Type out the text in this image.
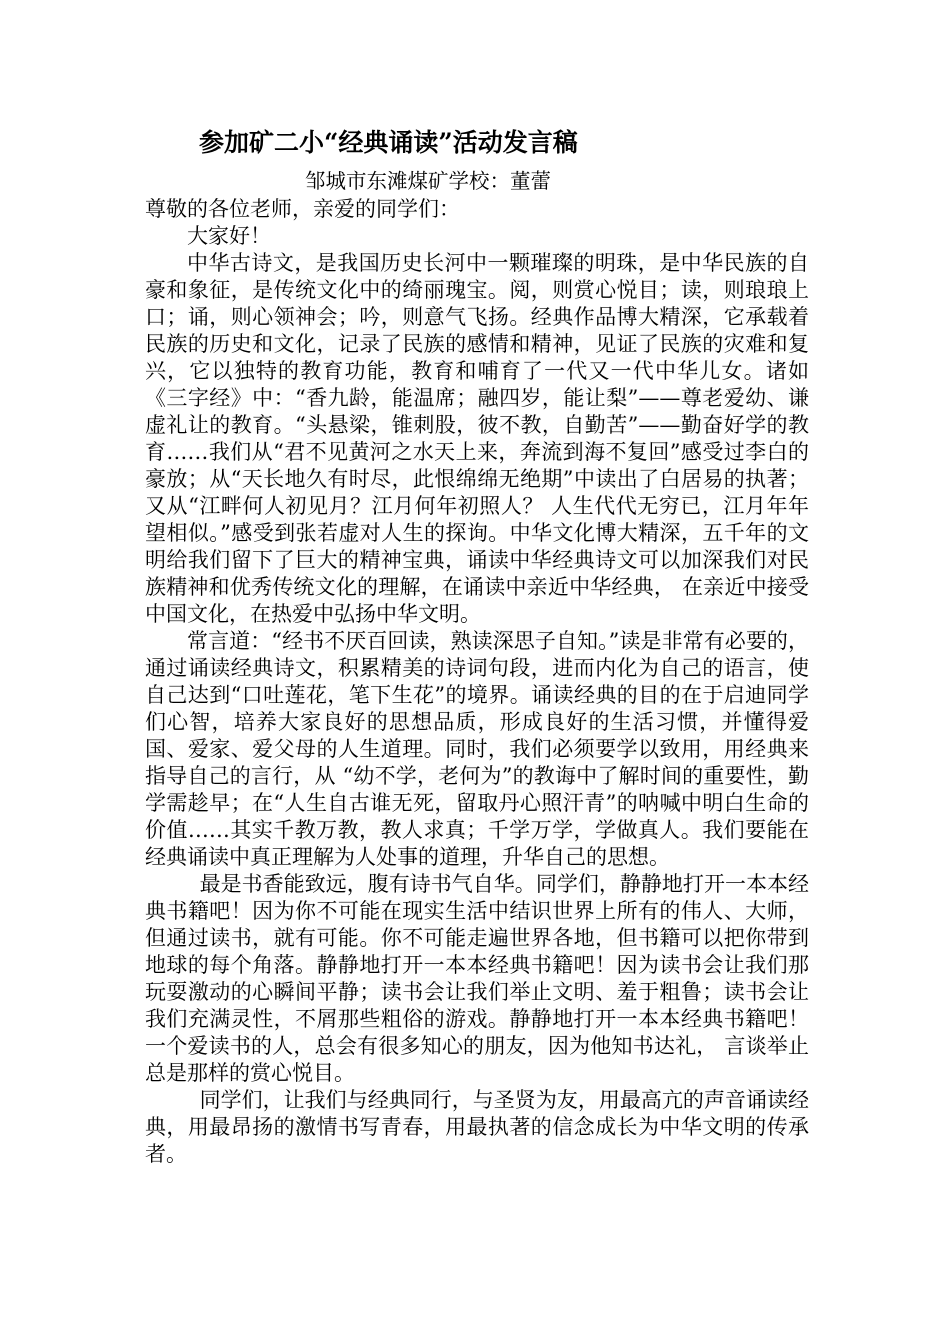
参加矿二小“经典诵读”活动发言稿
邹城市东滩煤矿学校：董蕾

尊敬的各位老师，亲爱的同学们：

大家好！

中华古诗文，是我国历史长河中一颗璀璨的明珠，是中华民族的自豪和象征，是传统文化中的绮丽瑰宝。阅，则赏心悦目；读，则琅琅上口；诵，则心领神会；吟，则意气飞扬。经典作品博大精深，它承载着民族的历史和文化，记录了民族的感情和精神，见证了民族的灾难和复兴，它以独特的教育功能，教育和哺育了一代又一代中华儿女。诸如《三字经》中：“香九龄，能温席；融四岁，能让梨”——尊老爱幼、谦虚礼让的教育。“头悬梁，锥刺股，彼不教，自勤苦”——勤奋好学的教育……我们从“君不见黄河之水天上来，奔流到海不复回”感受过李白的豪放；从“天长地久有时尽，此恨绵绵无绝期”中读出了白居易的执著； 又从“江畔何人初见月？江月何年初照人？ 人生代代无穷已，江月年年望相似。”感受到张若虚对人生的探询。中华文化博大精深，五千年的文明给我们留下了巨大的精神宝典，诵读中华经典诗文可以加深我们对民族精神和优秀传统文化的理解，在诵读中亲近中华经典， 在亲近中接受中国文化，在热爱中弘扬中华文明。

常言道：“经书不厌百回读，熟读深思子自知。”读是非常有必要的，通过诵读经典诗文，积累精美的诗词句段，进而内化为自己的语言，使自己达到“口吐莲花，笔下生花”的境界。诵读经典的目的在于启迪同学们心智，培养大家良好的思想品质，形成良好的生活习惯，并懂得爱国、爱家、爱父母的人生道理。同时，我们必须要学以致用，用经典来指导自己的言行，从 “幼不学，老何为”的教诲中了解时间的重要性，勤学需趁早；在“人生自古谁无死，留取丹心照汗青”的呐喊中明白生命的价值……其实千教万教，教人求真；千学万学，学做真人。我们要能在经典诵读中真正理解为人处事的道理，升华自己的思想。

最是书香能致远，腹有诗书气自华。同学们，静静地打开一本本经典书籍吧！因为你不可能在现实生活中结识世界上所有的伟人、大师，但通过读书，就有可能。你不可能走遍世界各地，但书籍可以把你带到地球的每个角落。静静地打开一本本经典书籍吧！因为读书会让我们那玩耍激动的心瞬间平静；读书会让我们举止文明、羞于粗鲁；读书会让我们充满灵性，不屑那些粗俗的游戏。静静地打开一本本经典书籍吧！一个爱读书的人，总会有很多知心的朋友，因为他知书达礼， 言谈举止总是那样的赏心悦目。

同学们，让我们与经典同行，与圣贤为友，用最高亢的声音诵读经典，用最昂扬的激情书写青春，用最执著的信念成长为中华文明的传承者。
